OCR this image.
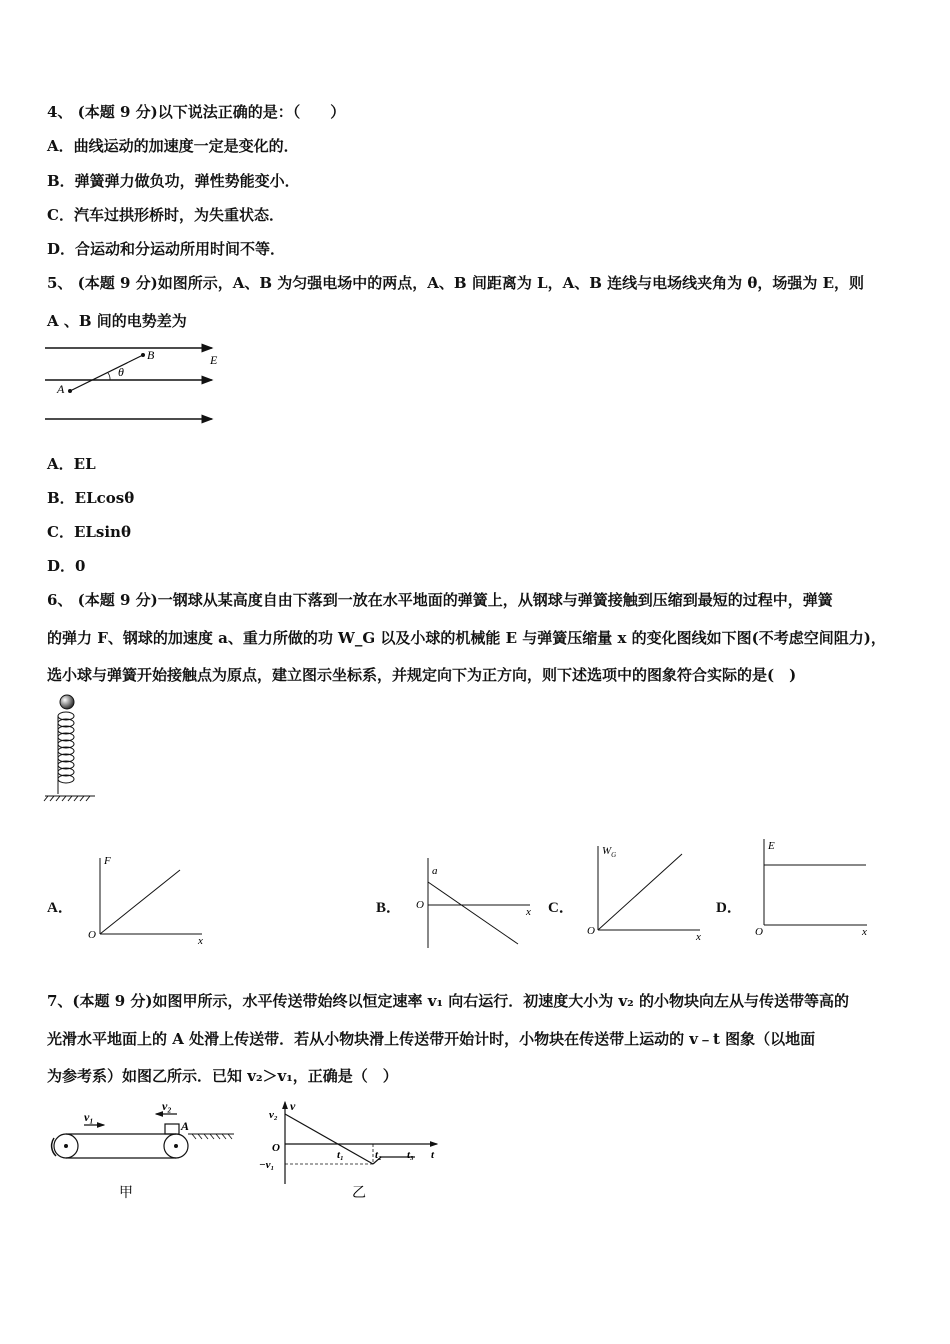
4、 (本题 9 分)以下说法正确的是：（　　）
A．曲线运动的加速度一定是变化的．
B．弹簧弹力做负功，弹性势能变小．
C．汽车过拱形桥时，为失重状态．
D．合运动和分运动所用时间不等．
5、 (本题 9 分)如图所示，A、B 为匀强电场中的两点，A、B 间距离为 L，A、B 连线与电场线夹角为 θ，场强为 E，则
A 、B 间的电势差为
A
B	E
θ
A．EL
B．ELcosθ
C．ELsinθ
D．0
6、 (本题 9 分)一钢球从某高度自由下落到一放在水平地面的弹簧上，从钢球与弹簧接触到压缩到最短的过程中，弹簧
的弹力 F、钢球的加速度 a、重力所做的功 W_G 以及小球的机械能 E 与弹簧压缩量 x 的变化图线如下图(不考虑空间阻力)，
选小球与弹簧开始接触点为原点，建立图示坐标系，并规定向下为正方向，则下述选项中的图象符合实际的是(　)
A．
F
O	x
B．
a
O
x C．
$W_G$
O	x
D．
E
O	x
7、(本题 9 分)如图甲所示，水平传送带始终以恒定速率 v₁ 向右运行．初速度大小为 v₂ 的小物块向左从与传送带等高的
光滑水平地面上的 A 处滑上传送带．若从小物块滑上传送带开始计时，小物块在传送带上运动的 v﹣t 图象（以地面
为参考系）如图乙所示．已知 v₂＞v₁，正确是（　）
v₁
v₂
A
甲
v
v₂
O
−v₁
t₁	t₂ t₃ t
乙
